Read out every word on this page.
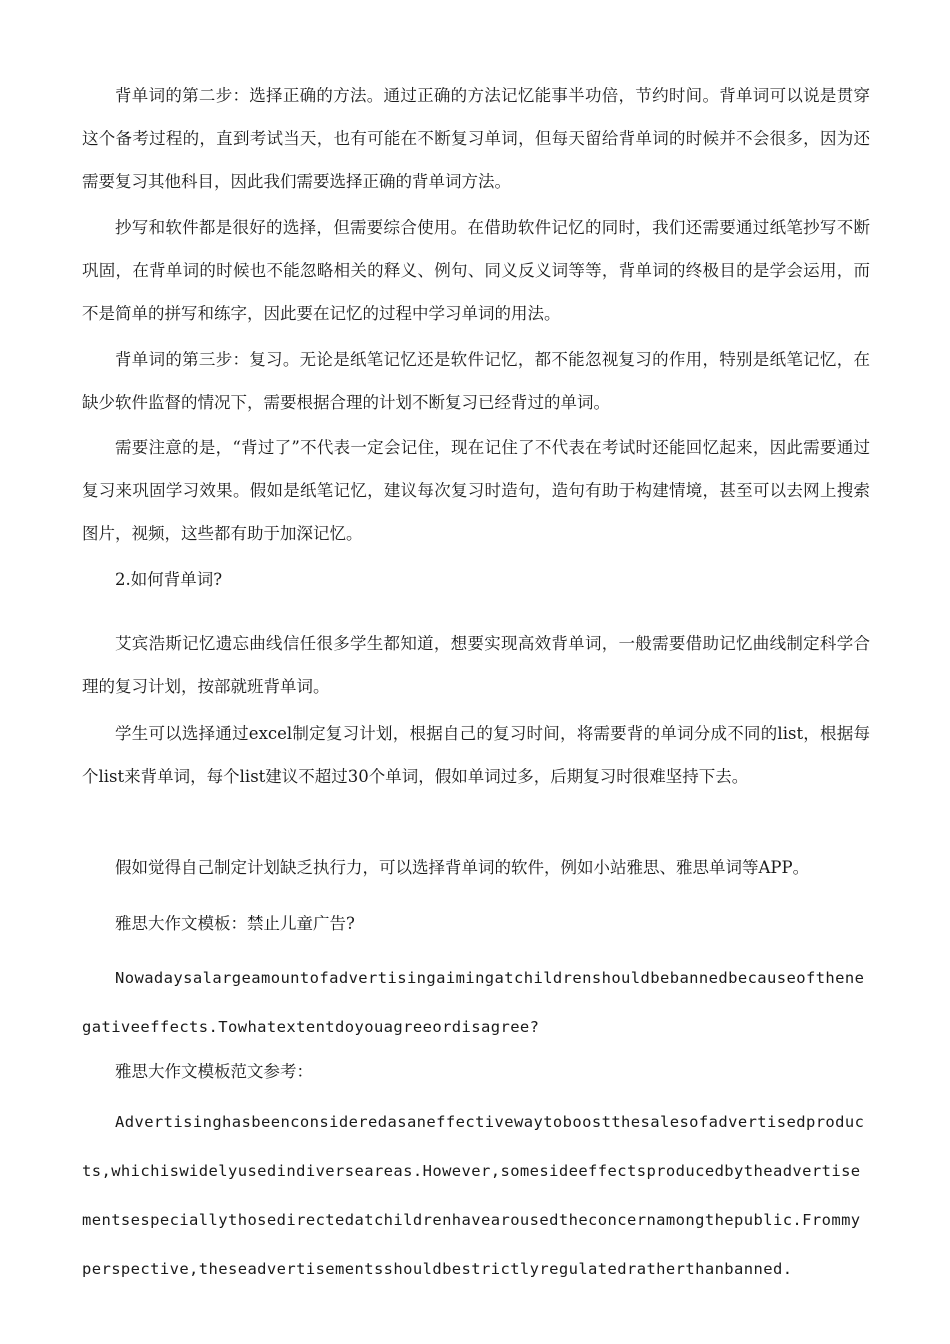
背单词的第二步：选择正确的方法。通过正确的方法记忆能事半功倍，节约时间。背单词可以说是贯穿这个备考过程的，直到考试当天，也有可能在不断复习单词，但每天留给背单词的时候并不会很多，因为还需要复习其他科目，因此我们需要选择正确的背单词方法。

抄写和软件都是很好的选择，但需要综合使用。在借助软件记忆的同时，我们还需要通过纸笔抄写不断巩固，在背单词的时候也不能忽略相关的释义、例句、同义反义词等等，背单词的终极目的是学会运用，而不是简单的拼写和练字，因此要在记忆的过程中学习单词的用法。

背单词的第三步：复习。无论是纸笔记忆还是软件记忆，都不能忽视复习的作用，特别是纸笔记忆，在缺少软件监督的情况下，需要根据合理的计划不断复习已经背过的单词。

需要注意的是，“背过了”不代表一定会记住，现在记住了不代表在考试时还能回忆起来，因此需要通过复习来巩固学习效果。假如是纸笔记忆，建议每次复习时造句，造句有助于构建情境，甚至可以去网上搜索图片，视频，这些都有助于加深记忆。

2.如何背单词?

艾宾浩斯记忆遗忘曲线信任很多学生都知道，想要实现高效背单词，一般需要借助记忆曲线制定科学合理的复习计划，按部就班背单词。

学生可以选择通过excel制定复习计划，根据自己的复习时间，将需要背的单词分成不同的list，根据每个list来背单词，每个list建议不超过30个单词，假如单词过多，后期复习时很难坚持下去。

假如觉得自己制定计划缺乏执行力，可以选择背单词的软件，例如小站雅思、雅思单词等APP。

雅思大作文模板：禁止儿童广告?

Nowadaysalargeamountofadvertisingaimingatchildrenshouldbebannedbecauseofthenegativeeffects.Towhatextentdoyouagreeordisagree?

雅思大作文模板范文参考：

Advertisinghasbeenconsideredasaneffectivewaytoboostthesalesofadvertisedproducts,whichiswidelyusedindiverseareas.However,somesideeffectsproducedbytheadvertisementsespeciallythosedirectedatchildrenhavearousedtheconcernamongthepublic.Frommyperspective,theseadvertisementsshouldbestrictlyregulatedratherthanbanned.
